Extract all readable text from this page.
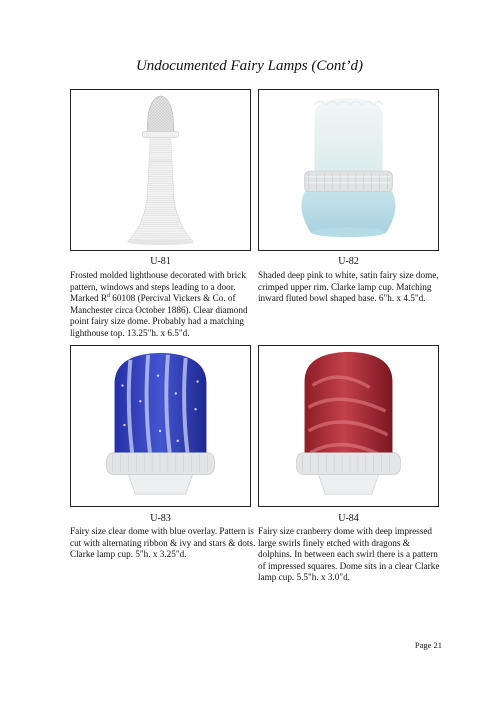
Undocumented Fairy Lamps (Cont’d)
U-81
Frosted molded lighthouse decorated with brick pattern, windows and steps leading to a door. Marked $R^d$ 60108 (Percival Vickers & Co. of Manchester circa October 1886). Clear diamond point fairy size dome. Probably had a matching lighthouse top. 13.25"h. x 6.5"d.
U-82
Shaded deep pink to white, satin fairy size dome, crimped upper rim. Clarke lamp cup. Matching inward fluted bowl shaped base. 6"h. x 4.5"d.
U-83
Fairy size clear dome with blue overlay. Pattern is cut with alternating ribbon & ivy and stars & dots. Clarke lamp cup. 5"h. x 3.25"d.
U-84
Fairy size cranberry dome with deep impressed large swirls finely etched with dragons & dolphins. In between each swirl there is a pattern of impressed squares. Dome sits in a clear Clarke lamp cup. 5.5"h. x 3.0"d.
Page 21
